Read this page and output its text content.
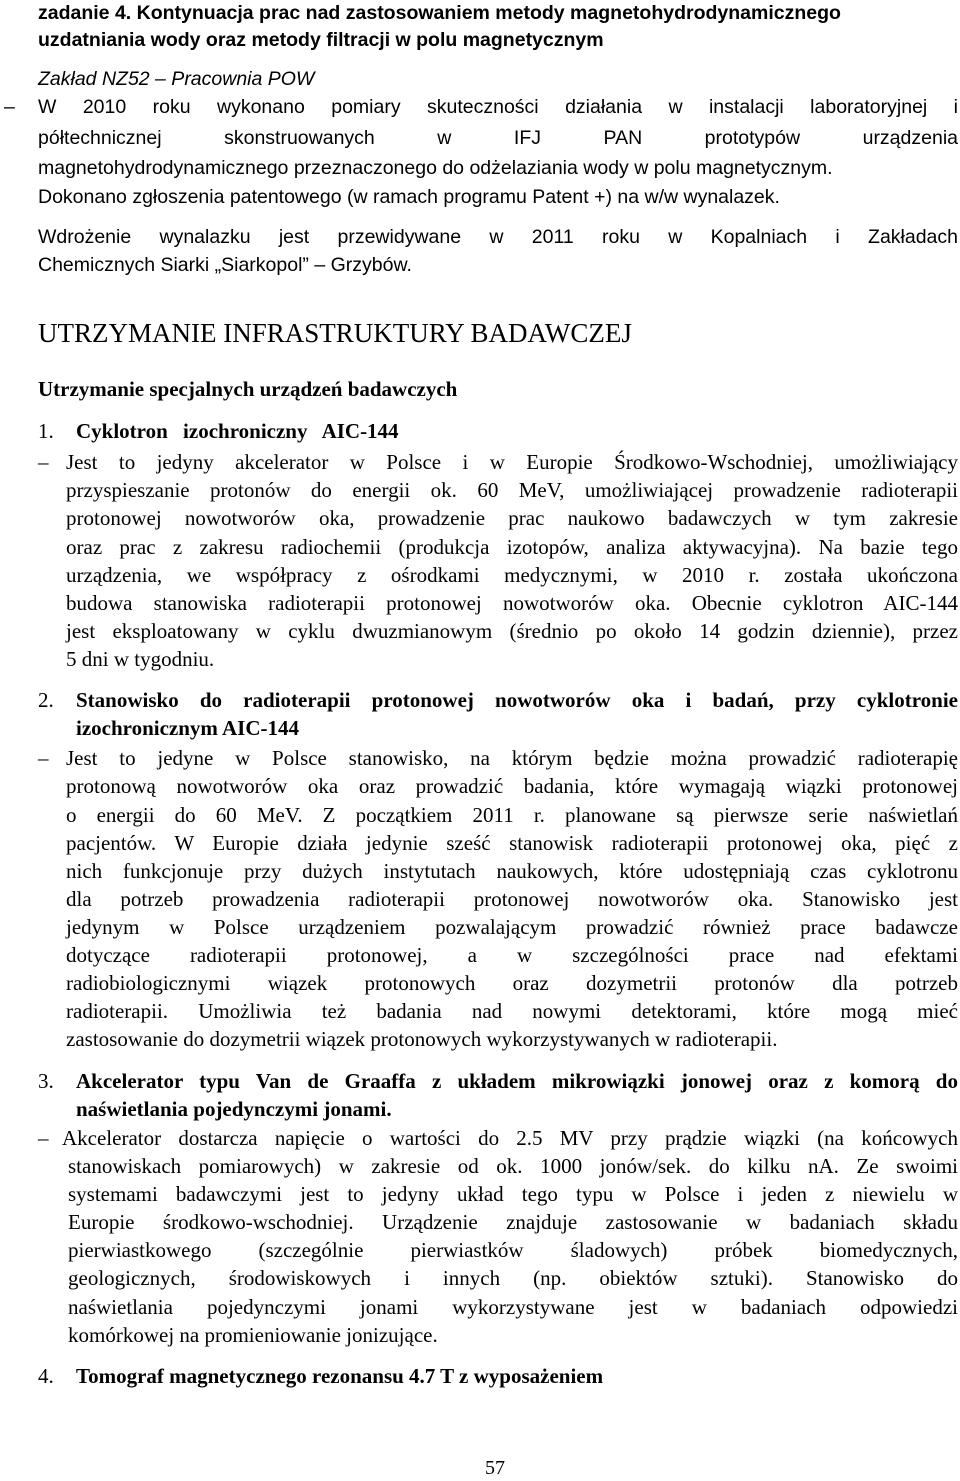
zadanie 4. Kontynuacja prac nad zastosowaniem metody magnetohydrodynamicznego
uzdatniania wody oraz metody filtracji w polu magnetycznym
Zakład NZ52 – Pracownia POW
– W 2010 roku wykonano pomiary skuteczności działania w instalacji laboratoryjnej i
półtechnicznej skonstruowanych w IFJ PAN prototypów urządzenia
magnetohydrodynamicznego przeznaczonego do odżelaziania wody w polu magnetycznym.
Dokonano zgłoszenia patentowego (w ramach programu Patent +) na w/w wynalazek.
Wdrożenie wynalazku jest przewidywane w 2011 roku w Kopalniach i Zakładach
Chemicznych Siarki „Siarkopol” – Grzybów.
UTRZYMANIE INFRASTRUKTURY BADAWCZEJ
Utrzymanie specjalnych urządzeń badawczych
1. Cyklotron izochroniczny AIC-144
– Jest to jedyny akcelerator w Polsce i w Europie Środkowo-Wschodniej, umożliwiający
przyspieszanie protonów do energii ok. 60 MeV, umożliwiającej prowadzenie radioterapii
protonowej nowotworów oka, prowadzenie prac naukowo badawczych w tym zakresie
oraz prac z zakresu radiochemii (produkcja izotopów, analiza aktywacyjna). Na bazie tego
urządzenia, we współpracy z ośrodkami medycznymi, w 2010 r. została ukończona
budowa stanowiska radioterapii protonowej nowotworów oka. Obecnie cyklotron AIC-144
jest eksploatowany w cyklu dwuzmianowym (średnio po około 14 godzin dziennie), przez
5 dni w tygodniu.
2. Stanowisko do radioterapii protonowej nowotworów oka i badań, przy cyklotronie
izochronicznym AIC-144
– Jest to jedyne w Polsce stanowisko, na którym będzie można prowadzić radioterapię
protonową nowotworów oka oraz prowadzić badania, które wymagają wiązki protonowej
o energii do 60 MeV. Z początkiem 2011 r. planowane są pierwsze serie naświetlań
pacjentów. W Europie działa jedynie sześć stanowisk radioterapii protonowej oka, pięć z
nich funkcjonuje przy dużych instytutach naukowych, które udostępniają czas cyklotronu
dla potrzeb prowadzenia radioterapii protonowej nowotworów oka. Stanowisko jest
jedynym w Polsce urządzeniem pozwalającym prowadzić również prace badawcze
dotyczące radioterapii protonowej, a w szczególności prace nad efektami
radiobiologicznymi wiązek protonowych oraz dozymetrii protonów dla potrzeb
radioterapii. Umożliwia też badania nad nowymi detektorami, które mogą mieć
zastosowanie do dozymetrii wiązek protonowych wykorzystywanych w radioterapii.
3. Akcelerator typu Van de Graaffa z układem mikrowiązki jonowej oraz z komorą do
naświetlania pojedynczymi jonami.
– Akcelerator dostarcza napięcie o wartości do 2.5 MV przy prądzie wiązki (na końcowych
stanowiskach pomiarowych) w zakresie od ok. 1000 jonów/sek. do kilku nA. Ze swoimi
systemami badawczymi jest to jedyny układ tego typu w Polsce i jeden z niewielu w
Europie środkowo-wschodniej. Urządzenie znajduje zastosowanie w badaniach składu
pierwiastkowego (szczególnie pierwiastków śladowych) próbek biomedycznych,
geologicznych, środowiskowych i innych (np. obiektów sztuki). Stanowisko do
naświetlania pojedynczymi jonami wykorzystywane jest w badaniach odpowiedzi
komórkowej na promieniowanie jonizujące.
4. Tomograf magnetycznego rezonansu 4.7 T z wyposażeniem
57
